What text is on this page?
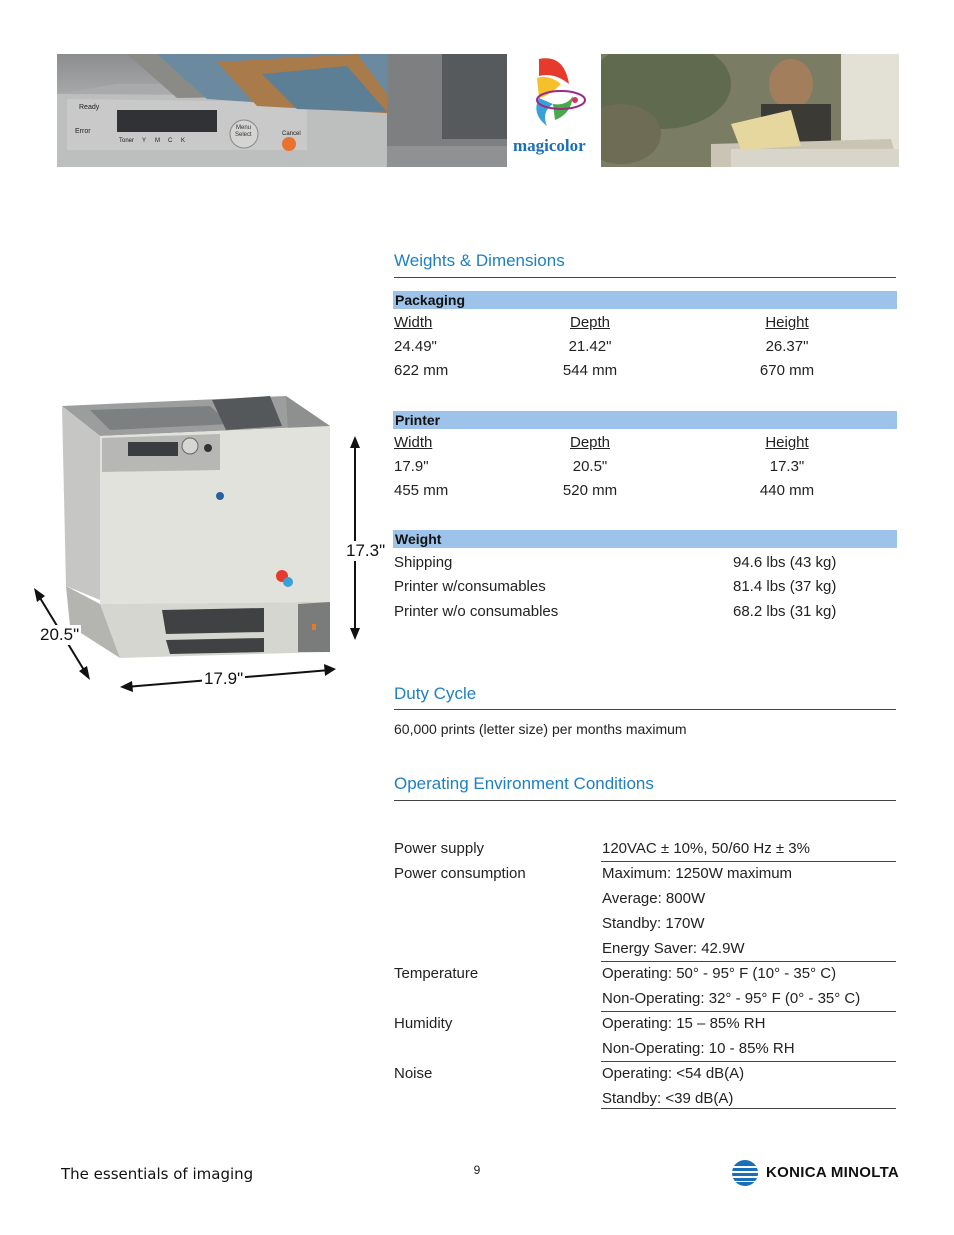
Ready
Error
Toner Y M C K
Menu
Select	Cancel
magicolor
Weights & Dimensions
Packaging
Width	Depth	Height
24.49"	21.42"	26.37"
622 mm	544 mm	670 mm
Printer
Width	Depth	Height
17.9"	20.5"	17.3"
455 mm	520 mm	440 mm
Weight
Shipping	94.6 lbs (43 kg)
Printer w/consumables	81.4 lbs (37 kg)
Printer w/o consumables	68.2 lbs (31 kg)
Duty Cycle
60,000 prints (letter size) per months maximum
Operating Environment Conditions
Power supply	120VAC ± 10%, 50/60 Hz ± 3%
Power consumption	Maximum: 1250W maximum
Average: 800W
Standby: 170W
Energy Saver: 42.9W
Temperature	Operating: 50° - 95° F (10° - 35° C)
Non-Operating: 32° - 95° F (0° - 35° C)
Humidity	Operating: 15 – 85% RH
Non-Operating: 10 - 85% RH
Noise	Operating: <54 dB(A)
Standby: <39 dB(A)
17.3"
20.5"
17.9"
The essentials of imaging	9	KONICA MINOLTA
